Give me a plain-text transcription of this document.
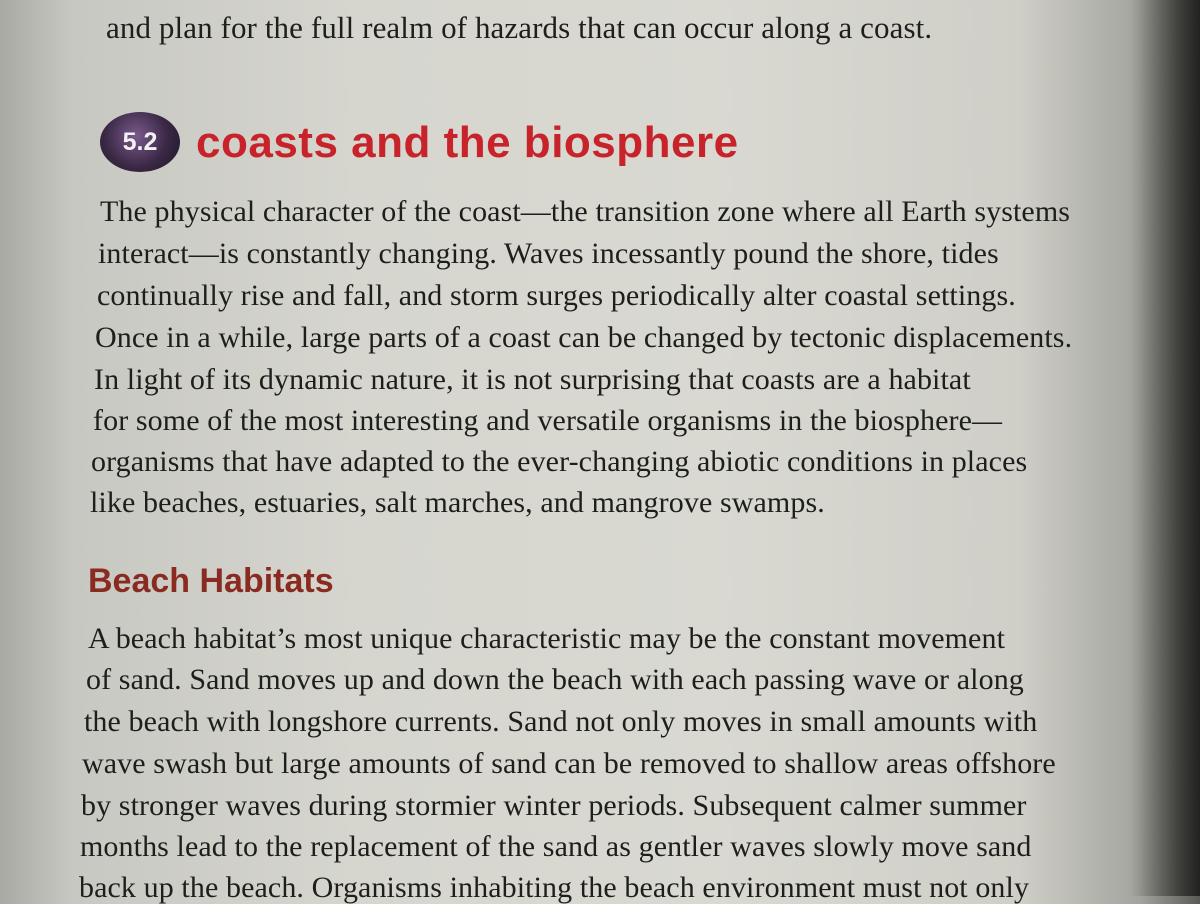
and plan for the full realm of hazards that can occur along a coast.
5.2 coasts and the biosphere
The physical character of the coast—the transition zone where all Earth systems
interact—is constantly changing. Waves incessantly pound the shore, tides
continually rise and fall, and storm surges periodically alter coastal settings.
Once in a while, large parts of a coast can be changed by tectonic displacements.
In light of its dynamic nature, it is not surprising that coasts are a habitat
for some of the most interesting and versatile organisms in the biosphere—
organisms that have adapted to the ever-changing abiotic conditions in places
like beaches, estuaries, salt marches, and mangrove swamps.
Beach Habitats
A beach habitat’s most unique characteristic may be the constant movement
of sand. Sand moves up and down the beach with each passing wave or along
the beach with longshore currents. Sand not only moves in small amounts with
wave swash but large amounts of sand can be removed to shallow areas offshore
by stronger waves during stormier winter periods. Subsequent calmer summer
months lead to the replacement of the sand as gentler waves slowly move sand
back up the beach. Organisms inhabiting the beach environment must not only
